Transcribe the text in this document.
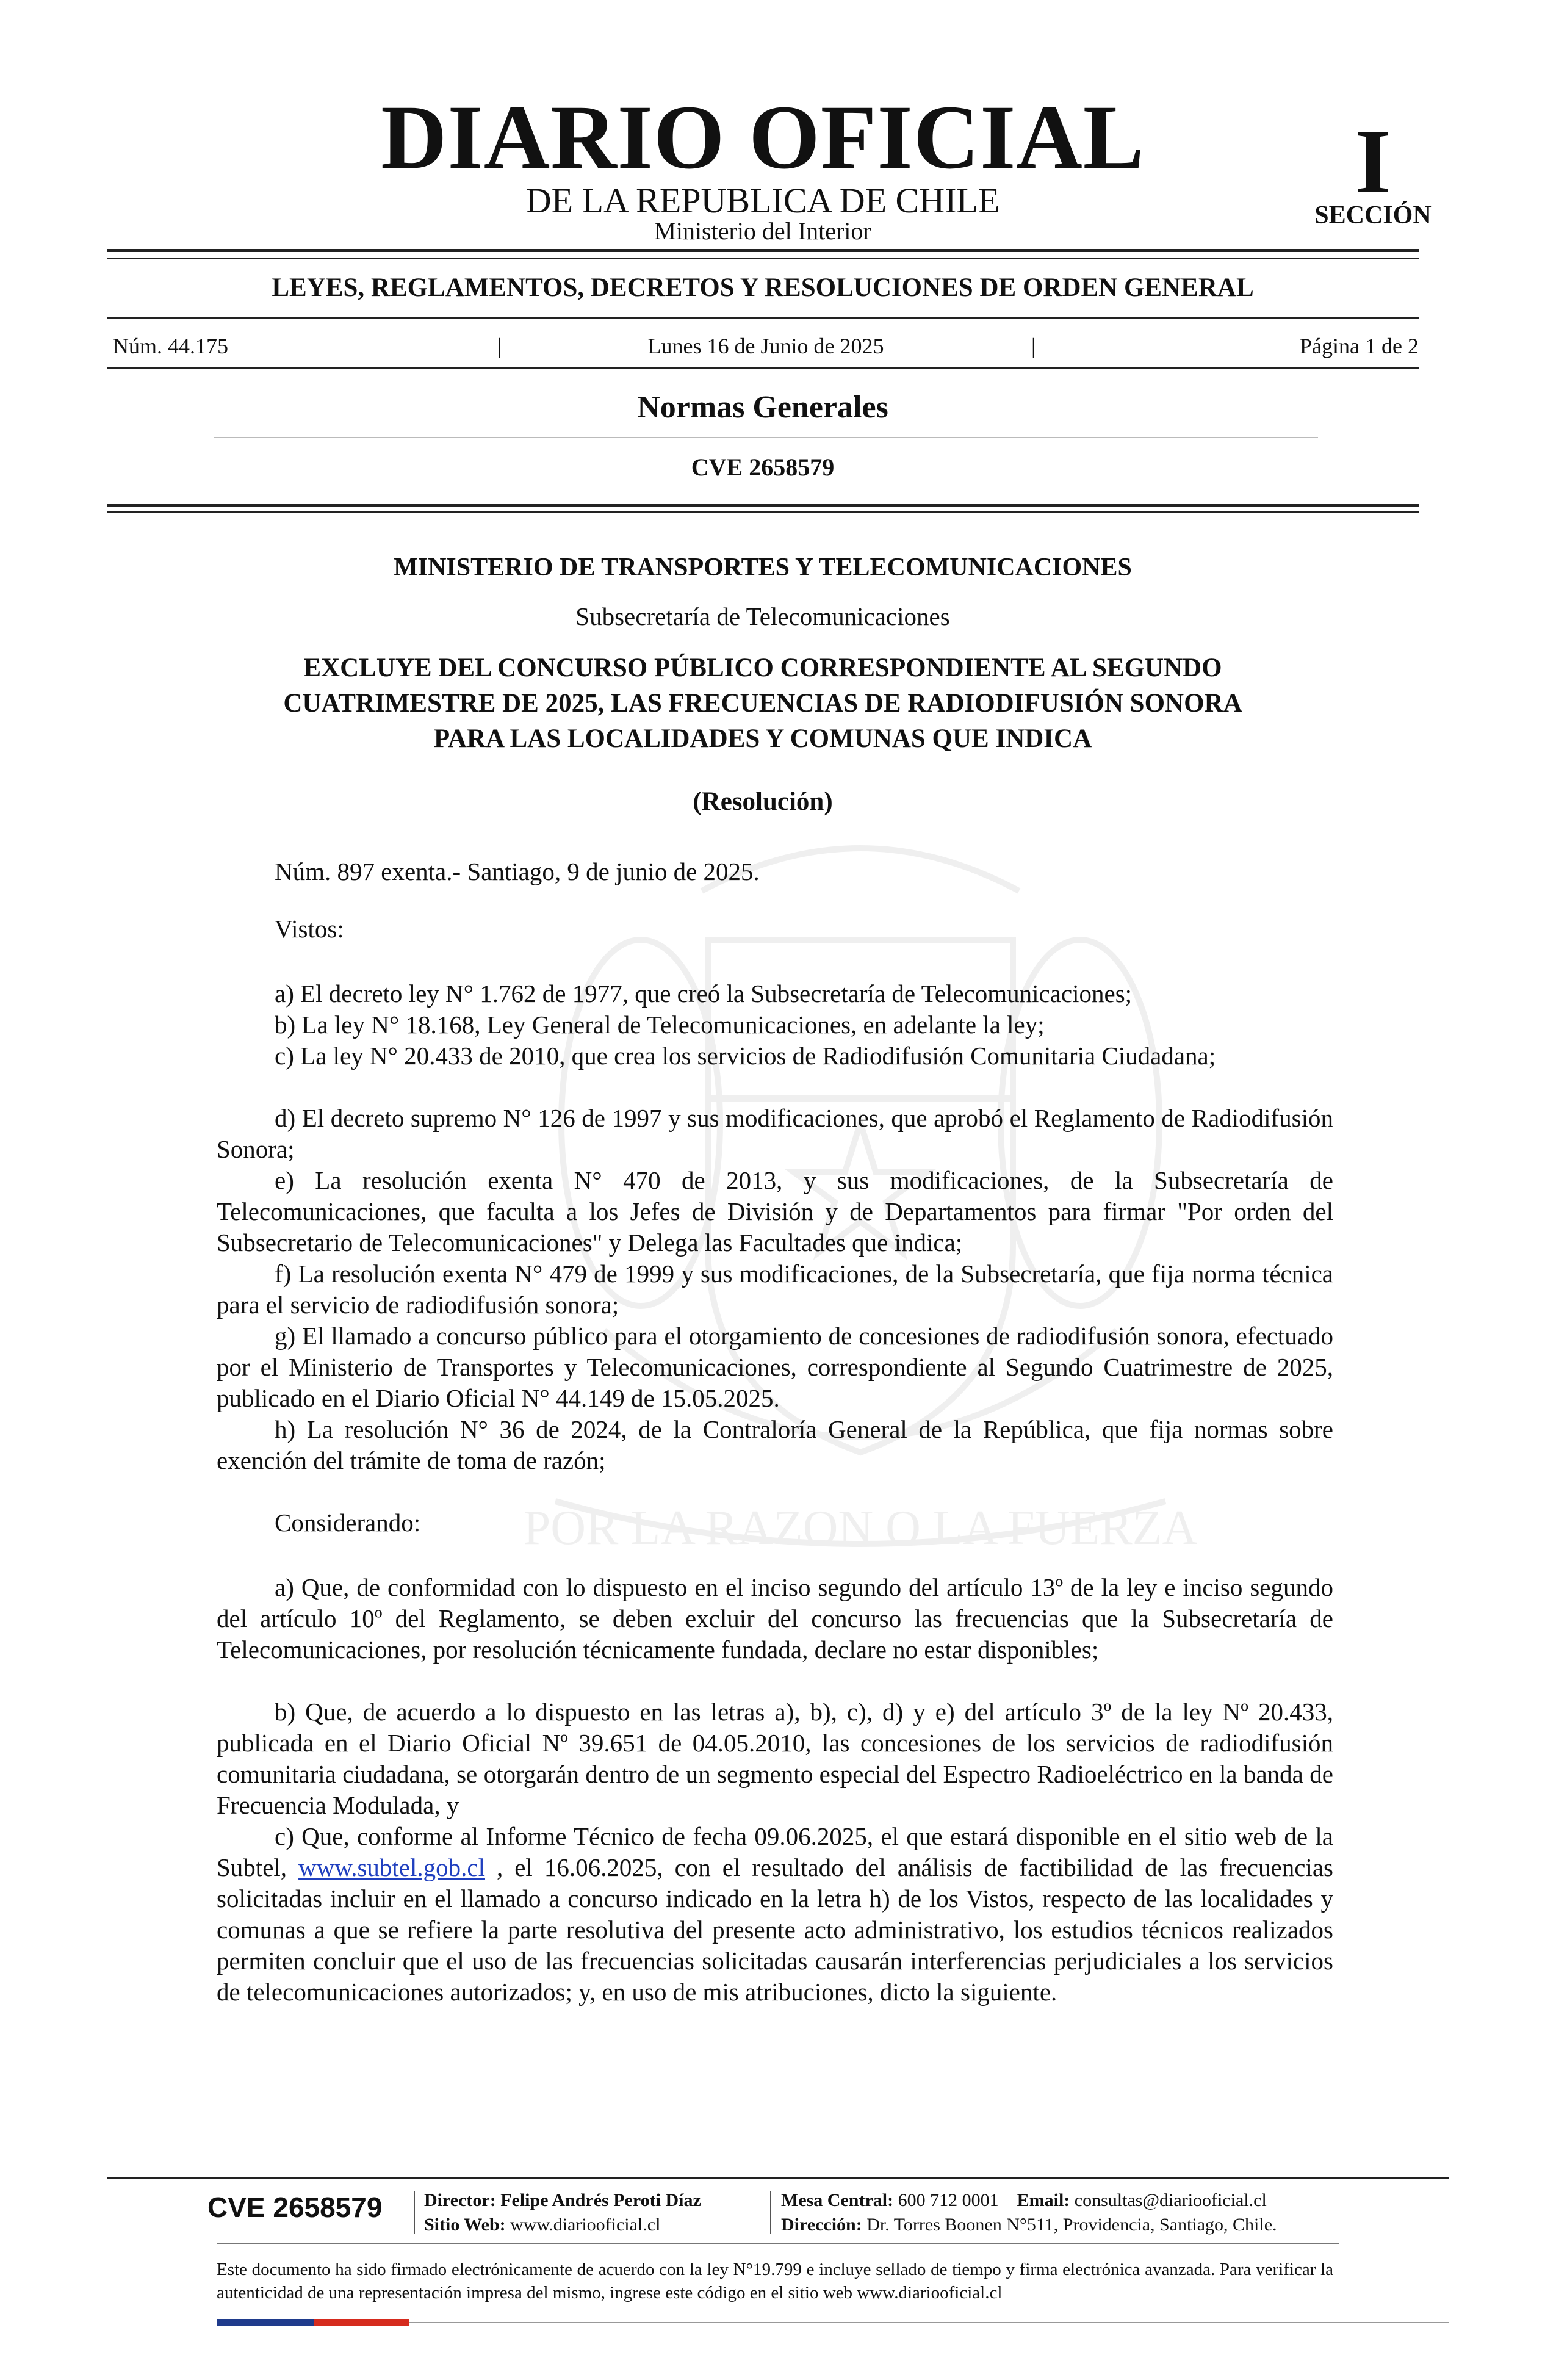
POR LA RAZON O LA FUERZA
DIARIO OFICIAL
DE LA REPUBLICA DE CHILE
Ministerio del Interior
I
SECCIÓN
LEYES, REGLAMENTOS, DECRETOS Y RESOLUCIONES DE ORDEN GENERAL
Núm. 44.175	|	Lunes 16 de Junio de 2025	|	Página 1 de 2
Normas Generales
CVE 2658579
MINISTERIO DE TRANSPORTES Y TELECOMUNICACIONES
Subsecretaría de Telecomunicaciones
EXCLUYE DEL CONCURSO PÚBLICO CORRESPONDIENTE AL SEGUNDO
CUATRIMESTRE DE 2025, LAS FRECUENCIAS DE RADIODIFUSIÓN SONORA
PARA LAS LOCALIDADES Y COMUNAS QUE INDICA
(Resolución)
Núm. 897 exenta.- Santiago, 9 de junio de 2025.
Vistos:
a) El decreto ley N° 1.762 de 1977, que creó la Subsecretaría de Telecomunicaciones;
b) La ley N° 18.168, Ley General de Telecomunicaciones, en adelante la ley;
c) La ley N° 20.433 de 2010, que crea los servicios de Radiodifusión Comunitaria Ciudadana;
d) El decreto supremo N° 126 de 1997 y sus modificaciones, que aprobó el Reglamento de Radiodifusión Sonora;
e) La resolución exenta N° 470 de 2013, y sus modificaciones, de la Subsecretaría de Telecomunicaciones, que faculta a los Jefes de División y de Departamentos para firmar "Por orden del Subsecretario de Telecomunicaciones" y Delega las Facultades que indica;
f) La resolución exenta N° 479 de 1999 y sus modificaciones, de la Subsecretaría, que fija norma técnica para el servicio de radiodifusión sonora;
g) El llamado a concurso público para el otorgamiento de concesiones de radiodifusión sonora, efectuado por el Ministerio de Transportes y Telecomunicaciones, correspondiente al Segundo Cuatrimestre de 2025, publicado en el Diario Oficial N° 44.149 de 15.05.2025.
h) La resolución N° 36 de 2024, de la Contraloría General de la República, que fija normas sobre exención del trámite de toma de razón;
Considerando:
a) Que, de conformidad con lo dispuesto en el inciso segundo del artículo 13º de la ley e inciso segundo del artículo 10º del Reglamento, se deben excluir del concurso las frecuencias que la Subsecretaría de Telecomunicaciones, por resolución técnicamente fundada, declare no estar disponibles;
b) Que, de acuerdo a lo dispuesto en las letras a), b), c), d) y e) del artículo 3º de la ley Nº 20.433, publicada en el Diario Oficial Nº 39.651 de 04.05.2010, las concesiones de los servicios de radiodifusión comunitaria ciudadana, se otorgarán dentro de un segmento especial del Espectro Radioeléctrico en la banda de Frecuencia Modulada, y
c) Que, conforme al Informe Técnico de fecha 09.06.2025, el que estará disponible en el sitio web de la Subtel, www.subtel.gob.cl , el 16.06.2025, con el resultado del análisis de factibilidad de las frecuencias solicitadas incluir en el llamado a concurso indicado en la letra h) de los Vistos, respecto de las localidades y comunas a que se refiere la parte resolutiva del presente acto administrativo, los estudios técnicos realizados permiten concluir que el uso de las frecuencias solicitadas causarán interferencias perjudiciales a los servicios de telecomunicaciones autorizados; y, en uso de mis atribuciones, dicto la siguiente.
CVE 2658579	Director: Felipe Andrés Peroti Díaz
Sitio Web: www.diariooficial.cl
Mesa Central: 600 712 0001 Email: consultas@diariooficial.cl
Dirección: Dr. Torres Boonen N°511, Providencia, Santiago, Chile.
Este documento ha sido firmado electrónicamente de acuerdo con la ley N°19.799 e incluye sellado de tiempo y firma electrónica avanzada. Para verificar la autenticidad de una representación impresa del mismo, ingrese este código en el sitio web www.diariooficial.cl
